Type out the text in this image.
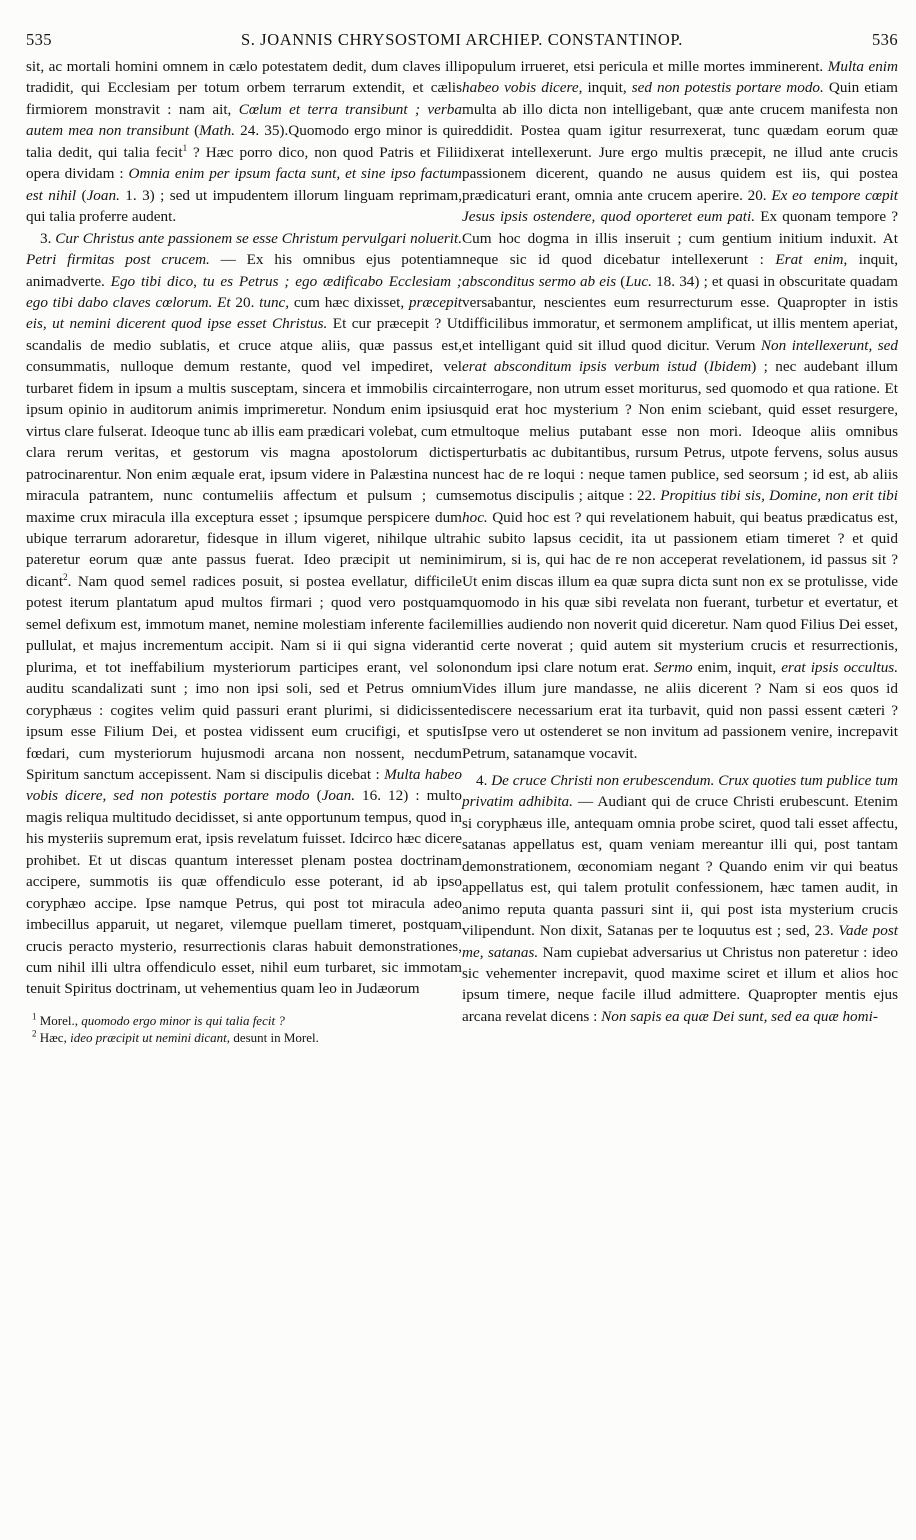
535	S. JOANNIS CHRYSOSTOMI ARCHIEP. CONSTANTINOP.	536

sit, ac mortali homini omnem in cælo potestatem dedit, dum claves illi tradidit, qui Ecclesiam per totum orbem terrarum extendit, et cælis firmiorem monstravit : nam ait, Cœlum et terra transibunt ; verba autem mea non transibunt (Math. 24. 35).Quomodo ergo minor is qui talia dedit, qui talia fecit$^1$ ? Hæc porro dico, non quod Patris et Filii opera dividam : Omnia enim per ipsum facta sunt, et sine ipso factum est nihil (Joan. 1. 3) ; sed ut impudentem illorum linguam reprimam, qui talia proferre audent.

3. Cur Christus ante passionem se esse Christum pervulgari noluerit. Petri firmitas post crucem. — Ex his omnibus ejus potentiam animadverte. Ego tibi dico, tu es Petrus ; ego ædificabo Ecclesiam ; ego tibi dabo claves cœlorum. Et 20. tunc, cum hæc dixisset, præcepit eis, ut nemini dicerent quod ipse esset Christus. Et cur præcepit ? Ut scandalis de medio sublatis, et cruce atque aliis, quæ passus est, consummatis, nulloque demum restante, quod vel impediret, vel turbaret fidem in ipsum a multis susceptam, sincera et immobilis circa ipsum opinio in auditorum animis imprimeretur. Nondum enim ipsius virtus clare fulserat. Ideoque tunc ab illis eam prædicari volebat, cum et clara rerum veritas, et gestorum vis magna apostolorum dictis patrocinarentur. Non enim æquale erat, ipsum videre in Palæstina nunc miracula patrantem, nunc contumeliis affectum et pulsum ; cum maxime crux miracula illa exceptura esset ; ipsumque perspicere dum ubique terrarum adoraretur, fidesque in illum vigeret, nihilque ultra pateretur eorum quæ ante passus fuerat. Ideo præcipit ut nemini dicant$^2$. Nam quod semel radices posuit, si postea evellatur, difficile potest iterum plantatum apud multos firmari ; quod vero postquam semel defixum est, immotum manet, nemine molestiam inferente facile pullulat, et majus incrementum accipit. Nam si ii qui signa viderant plurima, et tot ineffabilium mysteriorum participes erant, vel solo auditu scandalizati sunt ; imo non ipsi soli, sed et Petrus omnium coryphæus : cogites velim quid passuri erant plurimi, si didicissent ipsum esse Filium Dei, et postea vidissent eum crucifigi, et sputis fœdari, cum mysteriorum hujusmodi arcana non nossent, necdum Spiritum sanctum accepissent. Nam si discipulis dicebat : Multa habeo vobis dicere, sed non potestis portare modo (Joan. 16. 12) : multo magis reliqua multitudo decidisset, si ante opportunum tempus, quod in his mysteriis supremum erat, ipsis revelatum fuisset. Idcirco hæc dicere prohibet. Et ut discas quantum interesset plenam postea doctrinam accipere, summotis iis quæ offendiculo esse poterant, id ab ipso coryphæo accipe. Ipse namque Petrus, qui post tot miracula adeo imbecillus apparuit, ut negaret, vilemque puellam timeret, postquam crucis peracto mysterio, resurrectionis claras habuit demonstrationes, cum nihil illi ultra offendiculo esset, nihil eum turbaret, sic immotam tenuit Spiritus doctrinam, ut vehementius quam leo in Judæorum

$^1$ Morel., quomodo ergo minor is qui talia fecit ?

$^2$ Hæc, ideo præcipit ut nemini dicant, desunt in Morel.

populum irrueret, etsi pericula et mille mortes imminerent. Multa enim habeo vobis dicere, inquit, sed non potestis portare modo. Quin etiam multa ab illo dicta non intelligebant, quæ ante crucem manifesta non reddidit. Postea quam igitur resurrexerat, tunc quædam eorum quæ dixerat intellexerunt. Jure ergo multis præcepit, ne illud ante crucis passionem dicerent, quando ne ausus quidem est iis, qui postea prædicaturi erant, omnia ante crucem aperire. 20. Ex eo tempore cœpit Jesus ipsis ostendere, quod oporteret eum pati. Ex quonam tempore ? Cum hoc dogma in illis inseruit ; cum gentium initium induxit. At neque sic id quod dicebatur intellexerunt : Erat enim, inquit, absconditus sermo ab eis (Luc. 18. 34) ; et quasi in obscuritate quadam versabantur, nescientes eum resurrecturum esse. Quapropter in istis difficilibus immoratur, et sermonem amplificat, ut illis mentem aperiat, et intelligant quid sit illud quod dicitur. Verum Non intellexerunt, sed erat absconditum ipsis verbum istud (Ibidem) ; nec audebant illum interrogare, non utrum esset moriturus, sed quomodo et qua ratione. Et quid erat hoc mysterium ? Non enim sciebant, quid esset resurgere, multoque melius putabant esse non mori. Ideoque aliis omnibus perturbatis ac dubitantibus, rursum Petrus, utpote fervens, solus ausus est hac de re loqui : neque tamen publice, sed seorsum ; id est, ab aliis semotus discipulis ; aitque : 22. Propitius tibi sis, Domine, non erit tibi hoc. Quid hoc est ? qui revelationem habuit, qui beatus prædicatus est, hic subito lapsus cecidit, ita ut passionem etiam timeret ? et quid mirum, si is, qui hac de re non acceperat revelationem, id passus sit ? Ut enim discas illum ea quæ supra dicta sunt non ex se protulisse, vide quomodo in his quæ sibi revelata non fuerant, turbetur et evertatur, et millies audiendo non noverit quid diceretur. Nam quod Filius Dei esset, id certe noverat ; quid autem sit mysterium crucis et resurrectionis, nondum ipsi clare notum erat. Sermo enim, inquit, erat ipsis occultus. Vides illum jure mandasse, ne aliis dicerent ? Nam si eos quos id ediscere necessarium erat ita turbavit, quid non passi essent cæteri ? Ipse vero ut ostenderet se non invitum ad passionem venire, increpavit Petrum, satanamque vocavit.

4. De cruce Christi non erubescendum. Crux quoties tum publice tum privatim adhibita. — Audiant qui de cruce Christi erubescunt. Etenim si coryphæus ille, antequam omnia probe sciret, quod tali esset affectu, satanas appellatus est, quam veniam mereantur illi qui, post tantam demonstrationem, œconomiam negant ? Quando enim vir qui beatus appellatus est, qui talem protulit confessionem, hæc tamen audit, in animo reputa quanta passuri sint ii, qui post ista mysterium crucis vilipendunt. Non dixit, Satanas per te loquutus est ; sed, 23. Vade post me, satanas. Nam cupiebat adversarius ut Christus non pateretur : ideo sic vehementer increpavit, quod maxime sciret et illum et alios hoc ipsum timere, neque facile illud admittere. Quapropter mentis ejus arcana revelat dicens : Non sapis ea quæ Dei sunt, sed ea quæ homi-
